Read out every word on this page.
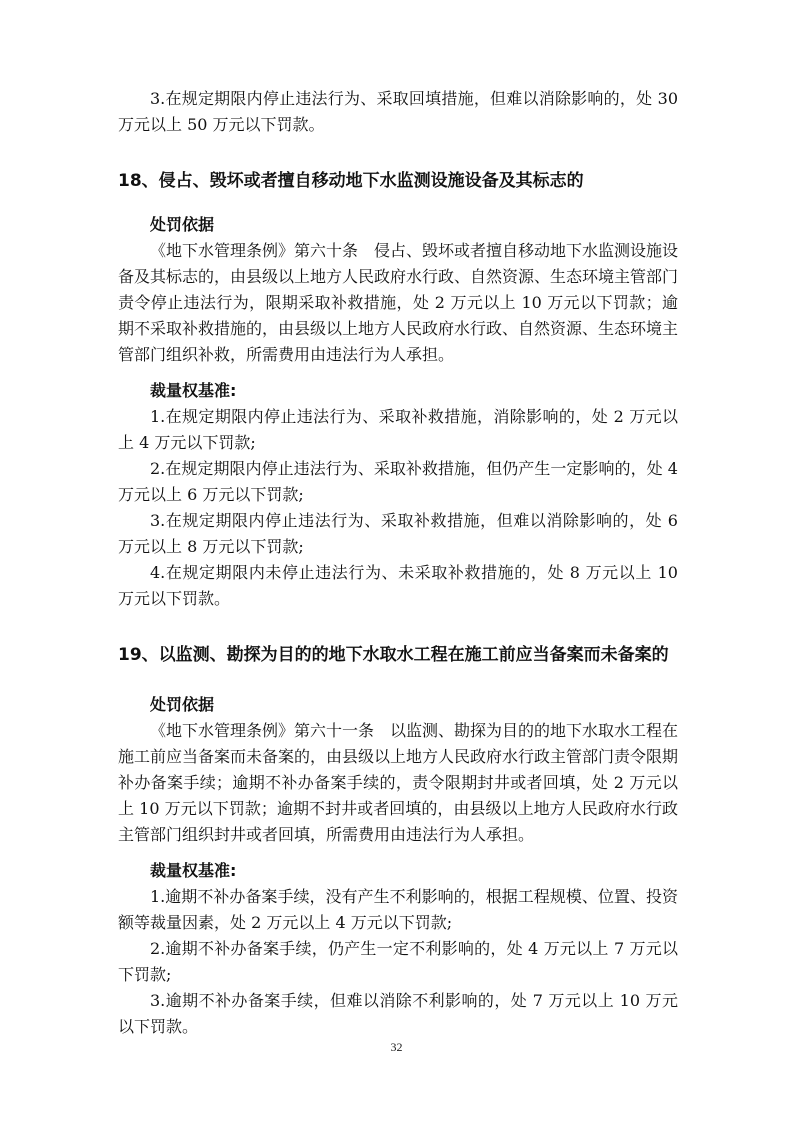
3.在规定期限内停止违法行为、采取回填措施，但难以消除影响的，处 30 万元以上 50 万元以下罚款。

18、侵占、毁坏或者擅自移动地下水监测设施设备及其标志的

处罚依据

《地下水管理条例》第六十条　侵占、毁坏或者擅自移动地下水监测设施设备及其标志的，由县级以上地方人民政府水行政、自然资源、生态环境主管部门责令停止违法行为，限期采取补救措施，处 2 万元以上 10 万元以下罚款；逾期不采取补救措施的，由县级以上地方人民政府水行政、自然资源、生态环境主管部门组织补救，所需费用由违法行为人承担。

裁量权基准:

1.在规定期限内停止违法行为、采取补救措施，消除影响的，处 2 万元以上 4 万元以下罚款;

2.在规定期限内停止违法行为、采取补救措施，但仍产生一定影响的，处 4 万元以上 6 万元以下罚款;

3.在规定期限内停止违法行为、采取补救措施，但难以消除影响的，处 6 万元以上 8 万元以下罚款;

4.在规定期限内未停止违法行为、未采取补救措施的，处 8 万元以上 10 万元以下罚款。

19、以监测、勘探为目的的地下水取水工程在施工前应当备案而未备案的

处罚依据

《地下水管理条例》第六十一条　以监测、勘探为目的的地下水取水工程在施工前应当备案而未备案的，由县级以上地方人民政府水行政主管部门责令限期补办备案手续；逾期不补办备案手续的，责令限期封井或者回填，处 2 万元以上 10 万元以下罚款；逾期不封井或者回填的，由县级以上地方人民政府水行政主管部门组织封井或者回填，所需费用由违法行为人承担。

裁量权基准:

1.逾期不补办备案手续，没有产生不利影响的，根据工程规模、位置、投资额等裁量因素，处 2 万元以上 4 万元以下罚款;

2.逾期不补办备案手续，仍产生一定不利影响的，处 4 万元以上 7 万元以下罚款;

3.逾期不补办备案手续，但难以消除不利影响的，处 7 万元以上 10 万元以下罚款。

32
